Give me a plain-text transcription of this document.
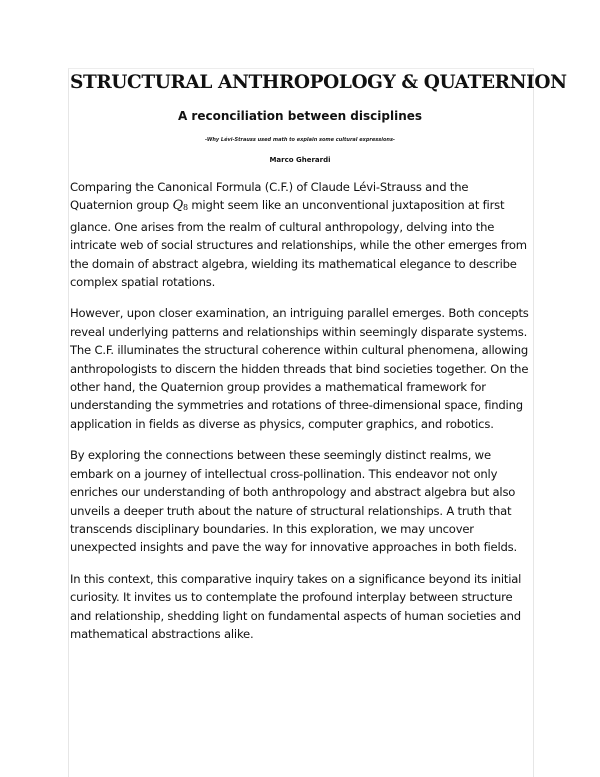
STRUCTURAL ANTHROPOLOGY & QUATERNION
A reconciliation between disciplines
-Why Lévi-Strauss used math to explain some cultural expressions-
Marco Gherardi

Comparing the Canonical Formula (C.F.) of Claude Lévi-Strauss and the Quaternion group $Q_8$ might seem like an unconventional juxtaposition at first glance. One arises from the realm of cultural anthropology, delving into the intricate web of social structures and relationships, while the other emerges from the domain of abstract algebra, wielding its mathematical elegance to describe complex spatial rotations.

However, upon closer examination, an intriguing parallel emerges. Both concepts reveal underlying patterns and relationships within seemingly disparate systems. The C.F. illuminates the structural coherence within cultural phenomena, allowing anthropologists to discern the hidden threads that bind societies together. On the other hand, the Quaternion group provides a mathematical framework for understanding the symmetries and rotations of three-dimensional space, finding application in fields as diverse as physics, computer graphics, and robotics.

By exploring the connections between these seemingly distinct realms, we embark on a journey of intellectual cross-pollination. This endeavor not only enriches our understanding of both anthropology and abstract algebra but also unveils a deeper truth about the nature of structural relationships. A truth that transcends disciplinary boundaries. In this exploration, we may uncover unexpected insights and pave the way for innovative approaches in both fields.

In this context, this comparative inquiry takes on a significance beyond its initial curiosity. It invites us to contemplate the profound interplay between structure and relationship, shedding light on fundamental aspects of human societies and mathematical abstractions alike.
